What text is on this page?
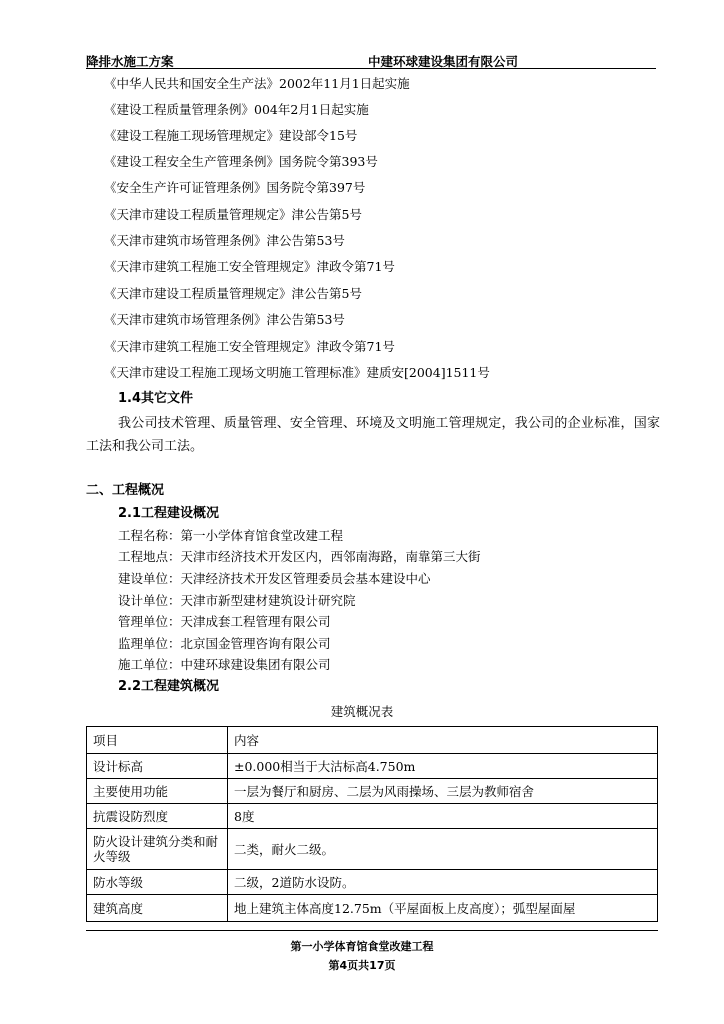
降排水施工方案	中建环球建设集团有限公司
《中华人民共和国安全生产法》2002年11月1日起实施
《建设工程质量管理条例》004年2月1日起实施
《建设工程施工现场管理规定》建设部令15号
《建设工程安全生产管理条例》国务院令第393号
《安全生产许可证管理条例》国务院令第397号
《天津市建设工程质量管理规定》津公告第5号
《天津市建筑市场管理条例》津公告第53号
《天津市建筑工程施工安全管理规定》津政令第71号
《天津市建设工程质量管理规定》津公告第5号
《天津市建筑市场管理条例》津公告第53号
《天津市建筑工程施工安全管理规定》津政令第71号
《天津市建设工程施工现场文明施工管理标准》建质安[2004]1511号
1.4其它文件
我公司技术管理、质量管理、安全管理、环境及文明施工管理规定，我公司的企业标准，国家工法和我公司工法。
二、工程概况
2.1工程建设概况
工程名称：第一小学体育馆食堂改建工程
工程地点：天津市经济技术开发区内，西邻南海路，南靠第三大街
建设单位：天津经济技术开发区管理委员会基本建设中心
设计单位：天津市新型建材建筑设计研究院
管理单位：天津成套工程管理有限公司
监理单位：北京国金管理咨询有限公司
施工单位：中建环球建设集团有限公司
2.2工程建筑概况
建筑概况表
项目	内容
设计标高	±0.000相当于大沽标高4.750m
主要使用功能	一层为餐厅和厨房、二层为风雨操场、三层为教师宿舍
抗震设防烈度	8度
防火设计建筑分类和耐火等级	二类，耐火二级。
防水等级	二级，2道防水设防。
建筑高度	地上建筑主体高度12.75m（平屋面板上皮高度）；弧型屋面屋
第一小学体育馆食堂改建工程
第4页共17页
